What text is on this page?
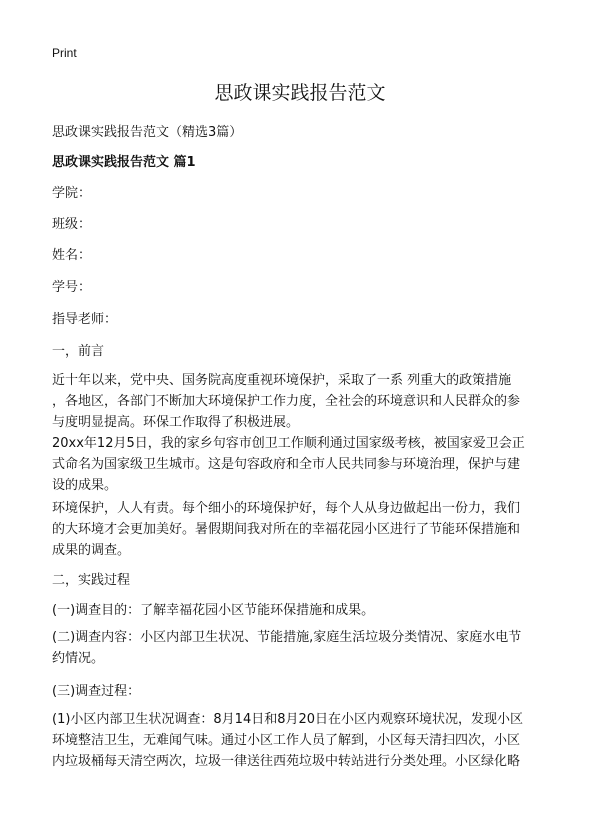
Print
思政课实践报告范文
思政课实践报告范文（精选3篇）
思政课实践报告范文 篇1
学院：
班级：
姓名：
学号：
指导老师：
一，前言
近十年以来，党中央、国务院高度重视环境保护，采取了一系 列重大的政策措施
，各地区，各部门不断加大环境保护工作力度，全社会的环境意识和人民群众的参
与度明显提高。环保工作取得了积极进展。
20xx年12月5日，我的家乡句容市创卫工作顺利通过国家级考核，被国家爱卫会正
式命名为国家级卫生城市。这是句容政府和全市人民共同参与环境治理，保护与建
设的成果。
环境保护，人人有责。每个细小的环境保护好，每个人从身边做起出一份力，我们
的大环境才会更加美好。暑假期间我对所在的幸福花园小区进行了节能环保措施和
成果的调查。
二，实践过程
(一)调查目的：了解幸福花园小区节能环保措施和成果。
(二)调查内容：小区内部卫生状况、节能措施,家庭生活垃圾分类情况、家庭水电节
约情况。
(三)调查过程：
(1)小区内部卫生状况调查：8月14日和8月20日在小区内观察环境状况，发现小区
环境整洁卫生，无难闻气味。通过小区工作人员了解到，小区每天清扫四次，小区
内垃圾桶每天清空两次，垃圾一律送往西苑垃圾中转站进行分类处理。小区绿化略
